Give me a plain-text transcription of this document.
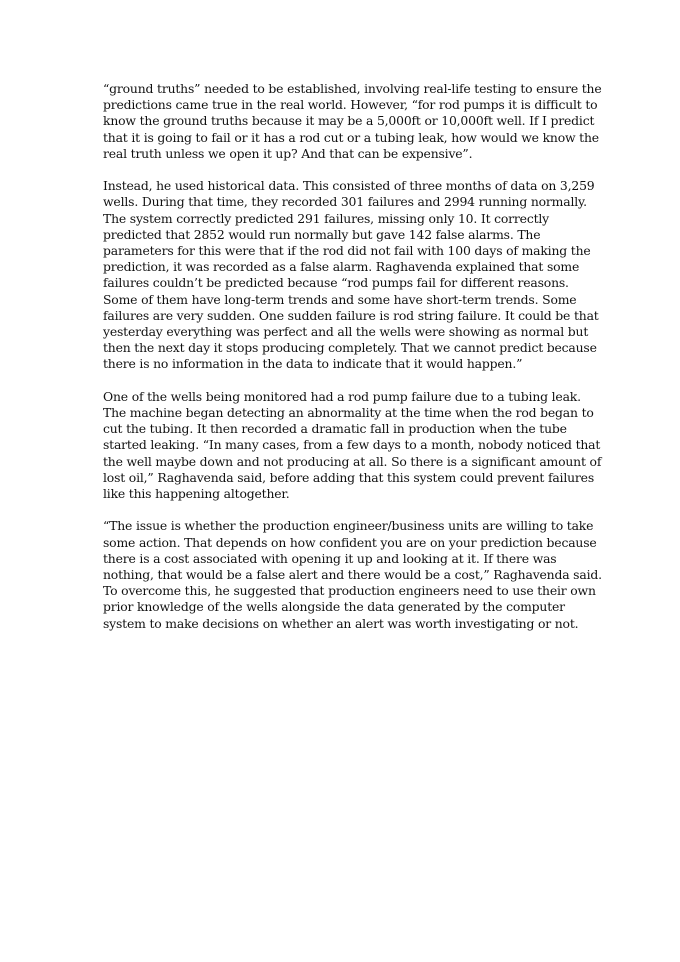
“ground truths” needed to be established, involving real-life testing to ensure the
predictions came true in the real world. However, “for rod pumps it is difficult to
know the ground truths because it may be a 5,000ft or 10,000ft well. If I predict
that it is going to fail or it has a rod cut or a tubing leak, how would we know the
real truth unless we open it up? And that can be expensive”.
Instead, he used historical data. This consisted of three months of data on 3,259
wells. During that time, they recorded 301 failures and 2994 running normally.
The system correctly predicted 291 failures, missing only 10. It correctly
predicted that 2852 would run normally but gave 142 false alarms. The
parameters for this were that if the rod did not fail with 100 days of making the
prediction, it was recorded as a false alarm. Raghavenda explained that some
failures couldn’t be predicted because “rod pumps fail for different reasons.
Some of them have long-term trends and some have short-term trends. Some
failures are very sudden. One sudden failure is rod string failure. It could be that
yesterday everything was perfect and all the wells were showing as normal but
then the next day it stops producing completely. That we cannot predict because
there is no information in the data to indicate that it would happen.”
One of the wells being monitored had a rod pump failure due to a tubing leak.
The machine began detecting an abnormality at the time when the rod began to
cut the tubing. It then recorded a dramatic fall in production when the tube
started leaking. “In many cases, from a few days to a month, nobody noticed that
the well maybe down and not producing at all. So there is a significant amount of
lost oil,” Raghavenda said, before adding that this system could prevent failures
like this happening altogether.
“The issue is whether the production engineer/business units are willing to take
some action. That depends on how confident you are on your prediction because
there is a cost associated with opening it up and looking at it. If there was
nothing, that would be a false alert and there would be a cost,” Raghavenda said.
To overcome this, he suggested that production engineers need to use their own
prior knowledge of the wells alongside the data generated by the computer
system to make decisions on whether an alert was worth investigating or not.
